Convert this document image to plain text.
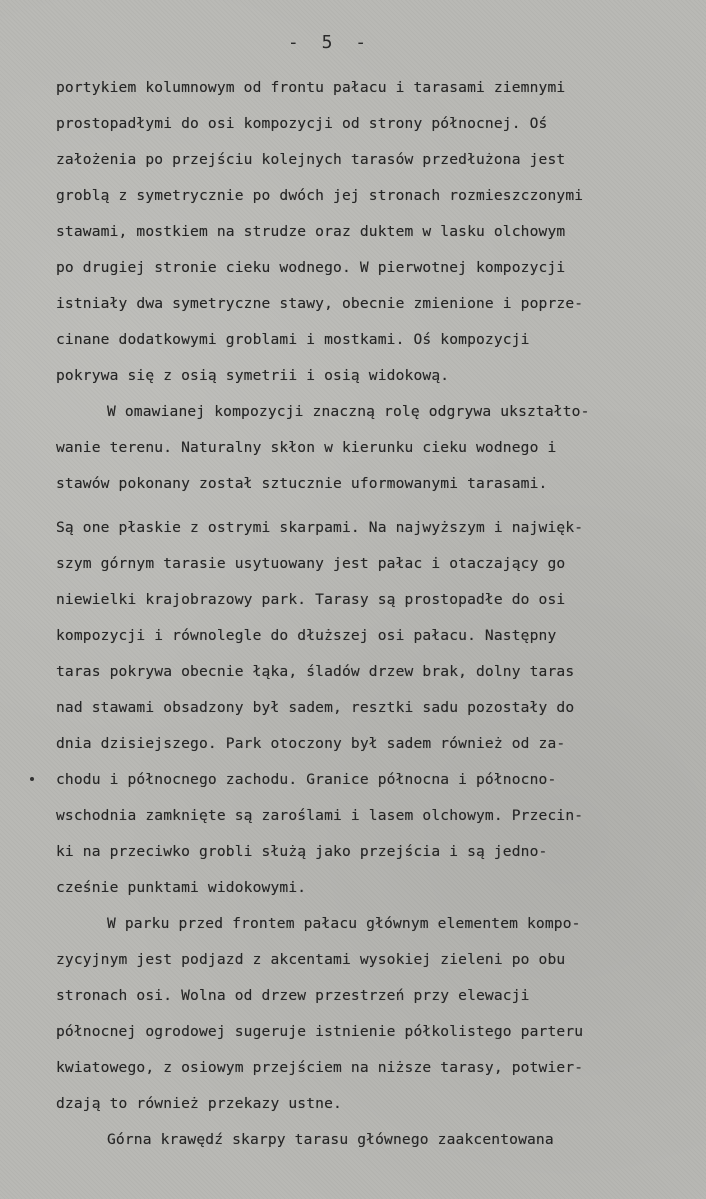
- 5 -
portykiem kolumnowym od frontu pałacu i tarasami ziemnymi
prostopadłymi do osi kompozycji od strony północnej. Oś
założenia po przejściu kolejnych tarasów przedłużona jest
groblą z symetrycznie po dwóch jej stronach rozmieszczonymi
stawami, mostkiem na strudze oraz duktem w lasku olchowym
po drugiej stronie cieku wodnego. W pierwotnej kompozycji
istniały dwa symetryczne stawy, obecnie zmienione i poprze-
cinane dodatkowymi groblami i mostkami. Oś kompozycji
pokrywa się z osią symetrii i osią widokową.
W omawianej kompozycji znaczną rolę odgrywa ukształto-
wanie terenu. Naturalny skłon w kierunku cieku wodnego i
stawów pokonany został sztucznie uformowanymi tarasami.
Są one płaskie z ostrymi skarpami. Na najwyższym i najwięk-
szym górnym tarasie usytuowany jest pałac i otaczający go
niewielki krajobrazowy park. Tarasy są prostopadłe do osi
kompozycji i równolegle do dłuższej osi pałacu. Następny
taras pokrywa obecnie łąka, śladów drzew brak, dolny taras
nad stawami obsadzony był sadem, resztki sadu pozostały do
dnia dzisiejszego. Park otoczony był sadem również od za-
chodu i północnego zachodu. Granice północna i północno-
wschodnia zamknięte są zaroślami i lasem olchowym. Przecin-
ki na przeciwko grobli służą jako przejścia i są jedno-
cześnie punktami widokowymi.
W parku przed frontem pałacu głównym elementem kompo-
zycyjnym jest podjazd z akcentami wysokiej zieleni po obu
stronach osi. Wolna od drzew przestrzeń przy elewacji
północnej ogrodowej sugeruje istnienie półkolistego parteru
kwiatowego, z osiowym przejściem na niższe tarasy, potwier-
dzają to również przekazy ustne.
Górna krawędź skarpy tarasu głównego zaakcentowana
